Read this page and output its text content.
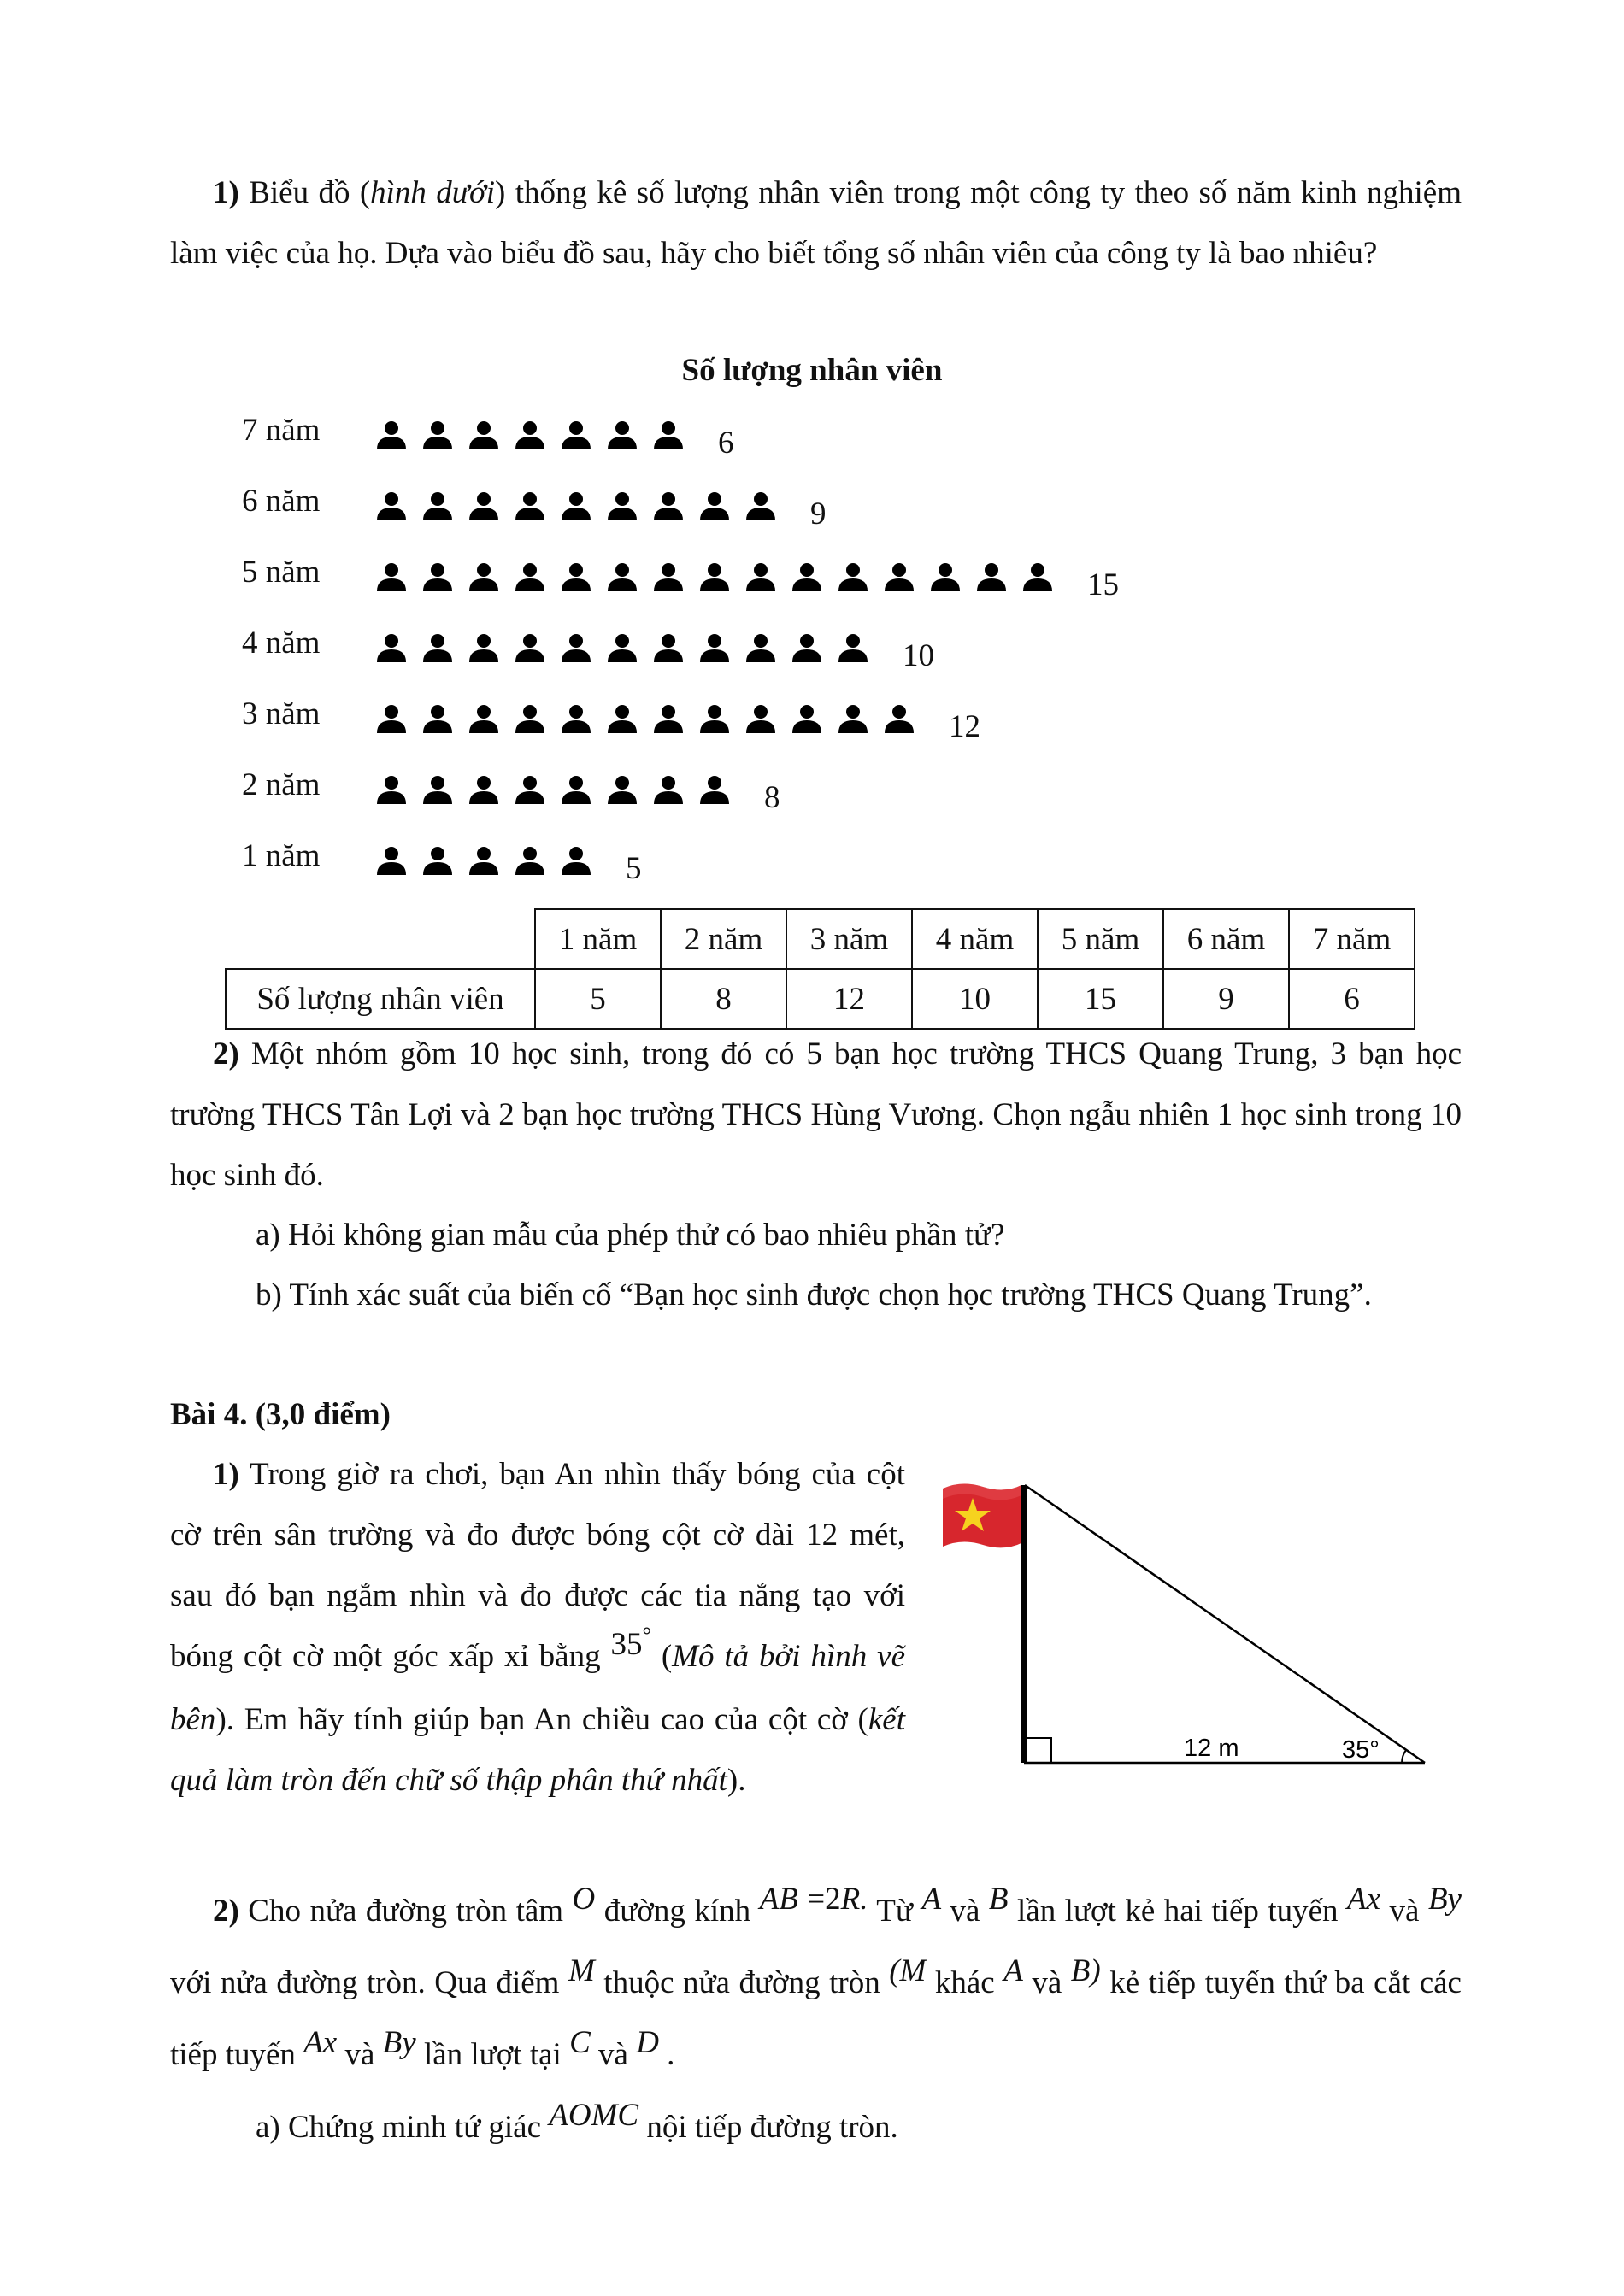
1) Biểu đồ (hình dưới) thống kê số lượng nhân viên trong một công ty theo số năm kinh nghiệm làm việc của họ. Dựa vào biểu đồ sau, hãy cho biết tổng số nhân viên của công ty là bao nhiêu?

Số lượng nhân viên
7 năm	6
6 năm	9
5 năm	15
4 năm	10
3 năm	12
2 năm	8
1 năm	5
	1 năm	2 năm	3 năm	4 năm	5 năm	6 năm	7 năm
Số lượng nhân viên	5	8	12	10	15	9	6

2) Một nhóm gồm 10 học sinh, trong đó có 5 bạn học trường THCS Quang Trung, 3 bạn học trường THCS Tân Lợi và 2 bạn học trường THCS Hùng Vương. Chọn ngẫu nhiên 1 học sinh trong 10 học sinh đó.

a) Hỏi không gian mẫu của phép thử có bao nhiêu phần tử?

b) Tính xác suất của biến cố “Bạn học sinh được chọn học trường THCS Quang Trung”.

Bài 4. (3,0 điểm)

1) Trong giờ ra chơi, bạn An nhìn thấy bóng của cột cờ trên sân trường và đo được bóng cột cờ dài 12 mét, sau đó bạn ngắm nhìn và đo được các tia nắng tạo với bóng cột cờ một góc xấp xỉ bằng 35° (Mô tả bởi hình vẽ bên). Em hãy tính giúp bạn An chiều cao của cột cờ (kết quả làm tròn đến chữ số thập phân thứ nhất).

12 m	35°

2) Cho nửa đường tròn tâm O đường kính AB =2R. Từ A và B lần lượt kẻ hai tiếp tuyến Ax và By với nửa đường tròn. Qua điểm M thuộc nửa đường tròn (M khác A và B) kẻ tiếp tuyến thứ ba cắt các tiếp tuyến Ax và By lần lượt tại C và D .

a) Chứng minh tứ giác AOMC nội tiếp đường tròn.
